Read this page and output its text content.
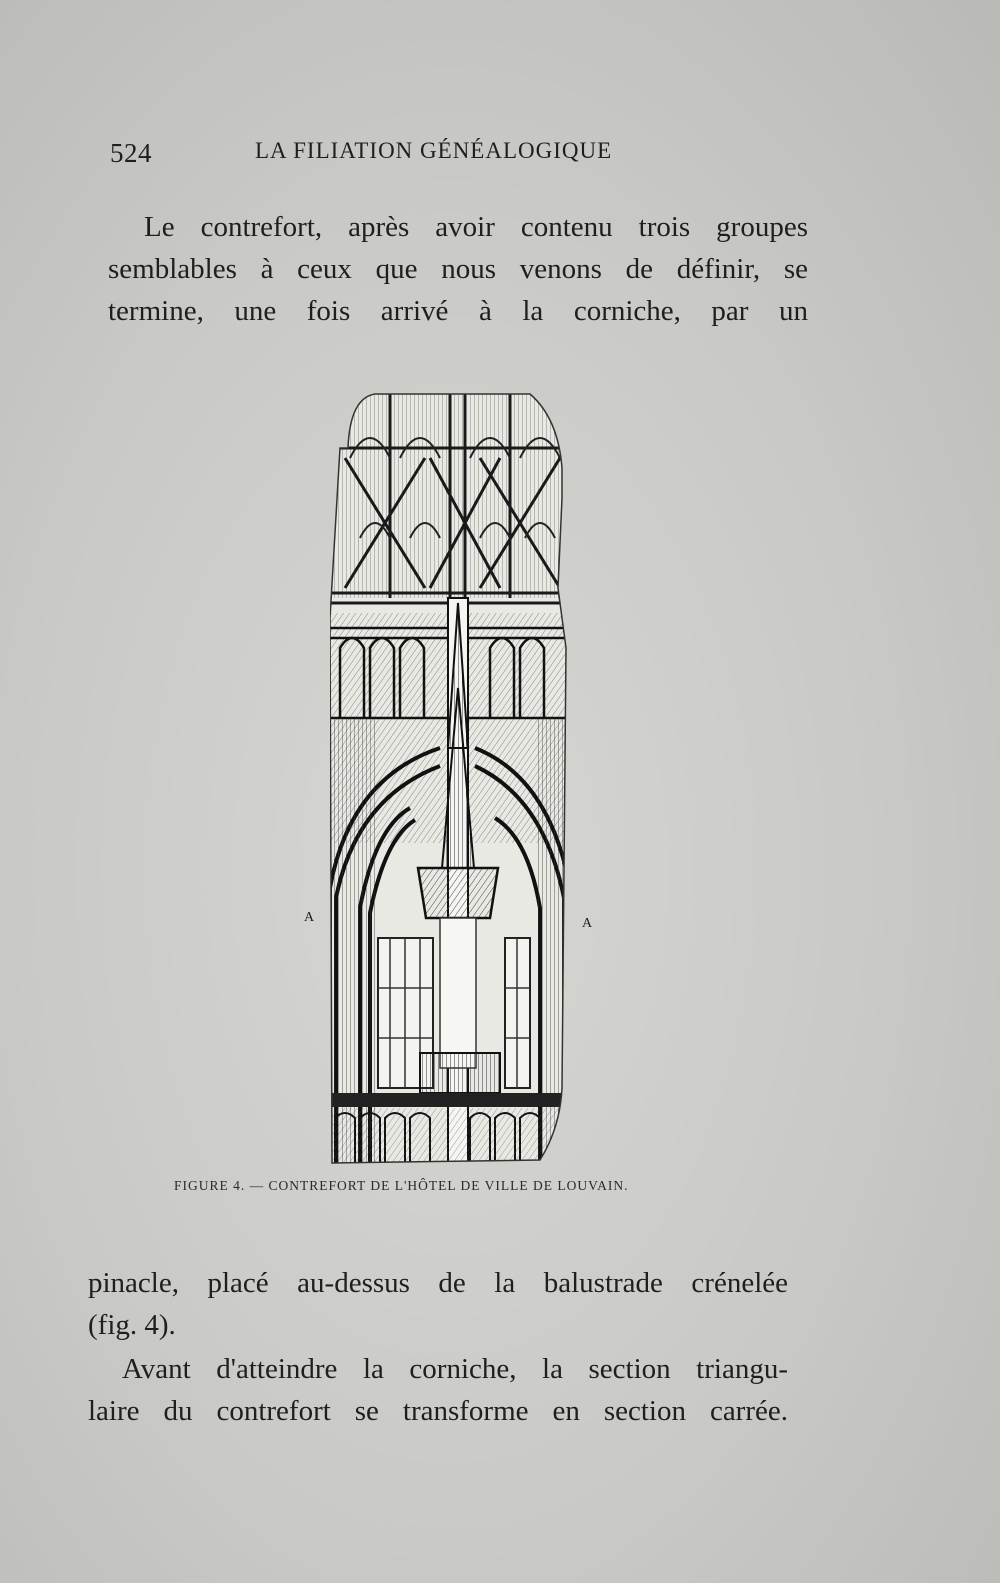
524	LA FILIATION GÉNÉALOGIQUE
Le contrefort, après avoir contenu trois groupes
semblables à ceux que nous venons de définir, se
termine, une fois arrivé à la corniche, par un
A	A
FIGURE 4. — CONTREFORT DE L'HÔTEL DE VILLE DE LOUVAIN.
pinacle, placé au-dessus de la balustrade crénelée
(fig. 4).
Avant d'atteindre la corniche, la section triangu-
laire du contrefort se transforme en section carrée.
